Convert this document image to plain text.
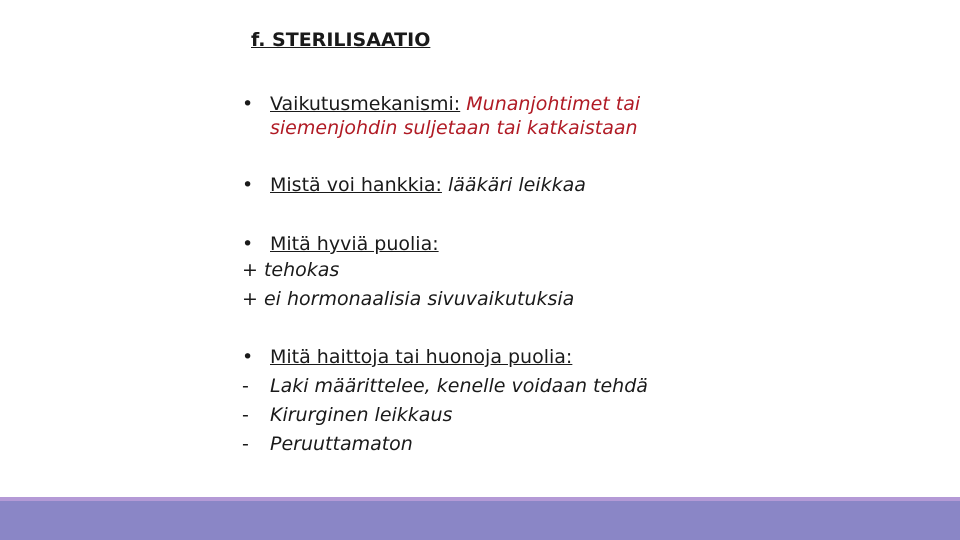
f. STERILISAATIO
• Vaikutusmekanismi: Munanjohtimet tai
siemenjohdin suljetaan tai katkaistaan
• Mistä voi hankkia: lääkäri leikkaa
• Mitä hyviä puolia:
+ tehokas
+ ei hormonaalisia sivuvaikutuksia
• Mitä haittoja tai huonoja puolia:
- Laki määrittelee, kenelle voidaan tehdä
- Kirurginen leikkaus
- Peruuttamaton
